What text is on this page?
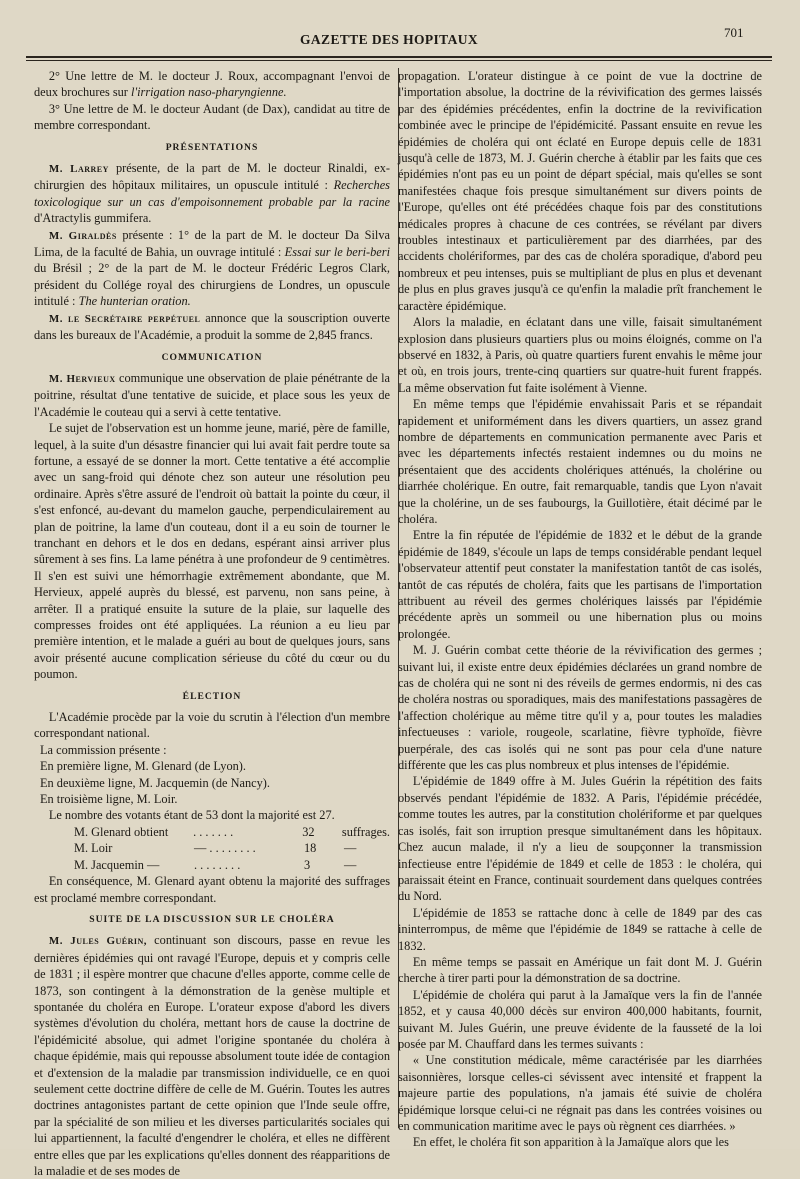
GAZETTE DES HOPITAUX	701

2° Une lettre de M. le docteur J. Roux, accompagnant l'envoi de deux brochures sur l'irrigation naso-pharyngienne.

3° Une lettre de M. le docteur Audant (de Dax), candidat au titre de membre correspondant.

PRÉSENTATIONS

M. Larrey présente, de la part de M. le docteur Rinaldi, ex-chirurgien des hôpitaux militaires, un opuscule intitulé : Recherches toxicologique sur un cas d'empoisonnement probable par la racine d'Atractylis gummifera.

M. Giraldès présente : 1° de la part de M. le docteur Da Silva Lima, de la faculté de Bahia, un ouvrage intitulé : Essai sur le beri-beri du Brésil ; 2° de la part de M. le docteur Frédéric Legros Clark, président du Collége royal des chirurgiens de Londres, un opuscule intitulé : The hunterian oration.

M. le Secrétaire perpétuel annonce que la souscription ouverte dans les bureaux de l'Académie, a produit la somme de 2,845 francs.

COMMUNICATION

M. Hervieux communique une observation de plaie pénétrante de la poitrine, résultat d'une tentative de suicide, et place sous les yeux de l'Académie le couteau qui a servi à cette tentative.

Le sujet de l'observation est un homme jeune, marié, père de famille, lequel, à la suite d'un désastre financier qui lui avait fait perdre toute sa fortune, a essayé de se donner la mort. Cette tentative a été accomplie avec un sang-froid qui dénote chez son auteur une résolution peu ordinaire. Après s'être assuré de l'endroit où battait la pointe du cœur, il s'est enfoncé, au-devant du mamelon gauche, perpendiculairement au plan de poitrine, la lame d'un couteau, dont il a eu soin de tourner le tranchant en dehors et le dos en dedans, espérant ainsi arriver plus sûrement à ses fins. La lame pénétra à une profondeur de 9 centimètres. Il s'en est suivi une hémorrhagie extrêmement abondante, que M. Hervieux, appelé auprès du blessé, est parvenu, non sans peine, à arrêter. Il a pratiqué ensuite la suture de la plaie, sur laquelle des compresses froides ont été appliquées. La réunion a eu lieu par première intention, et le malade a guéri au bout de quelques jours, sans avoir présenté aucune complication sérieuse du côté du cœur ou du poumon.

ÉLECTION

L'Académie procède par la voie du scrutin à l'élection d'un membre correspondant national.

La commission présente :

En première ligne, M. Glenard (de Lyon).

En deuxième ligne, M. Jacquemin (de Nancy).

En troisième ligne, M. Loir.

Le nombre des votants étant de 53 dont la majorité est 27.

M. Glenard obtient	. . . . . . .	32	suffrages.
M. Loir	— . . . . . . . .	18	—
M. Jacquemin —	. . . . . . . .	3	—

En conséquence, M. Glenard ayant obtenu la majorité des suffrages est proclamé membre correspondant.

SUITE DE LA DISCUSSION SUR LE CHOLÉRA

M. Jules Guérin, continuant son discours, passe en revue les dernières épidémies qui ont ravagé l'Europe, depuis et y compris celle de 1831 ; il espère montrer que chacune d'elles apporte, comme celle de 1873, son contingent à la démonstration de la genèse multiple et spontanée du choléra en Europe. L'orateur expose d'abord les divers systèmes d'évolution du choléra, mettant hors de cause la doctrine de l'épidémicité absolue, qui admet l'origine spontanée du choléra à chaque épidémie, mais qui repousse absolument toute idée de contagion et d'extension de la maladie par transmission individuelle, ce en quoi seulement cette doctrine diffère de celle de M. Guérin. Toutes les autres doctrines antagonistes partant de cette opinion que l'Inde seule offre, par la spécialité de son milieu et les diverses particularités sociales qui lui appartiennent, la faculté d'engendrer le choléra, et elles ne diffèrent entre elles que par les explications qu'elles donnent des réapparitions de la maladie et de ses modes de

propagation. L'orateur distingue à ce point de vue la doctrine de l'importation absolue, la doctrine de la révivification des germes laissés par des épidémies précédentes, enfin la doctrine de la revivification combinée avec le principe de l'épidémicité. Passant ensuite en revue les épidémies de choléra qui ont éclaté en Europe depuis celle de 1831 jusqu'à celle de 1873, M. J. Guérin cherche à établir par les faits que ces épidémies n'ont pas eu un point de départ spécial, mais qu'elles se sont manifestées chaque fois presque simultanément sur divers points de l'Europe, qu'elles ont été précédées chaque fois par des constitutions médicales propres à chacune de ces contrées, se révélant par divers troubles intestinaux et particulièrement par des diarrhées, par des accidents cholériformes, par des cas de choléra sporadique, d'abord peu nombreux et peu intenses, puis se multipliant de plus en plus et devenant de plus en plus graves jusqu'à ce qu'enfin la maladie prît franchement le caractère épidémique.

Alors la maladie, en éclatant dans une ville, faisait simultanément explosion dans plusieurs quartiers plus ou moins éloignés, comme on l'a observé en 1832, à Paris, où quatre quartiers furent envahis le même jour et où, en trois jours, trente-cinq quartiers sur quatre-huit furent frappés. La même observation fut faite isolément à Vienne.

En même temps que l'épidémie envahissait Paris et se répandait rapidement et uniformément dans les divers quartiers, un assez grand nombre de départements en communication permanente avec Paris et avec les départements infectés restaient indemnes ou du moins ne présentaient que des accidents cholériques atténués, la cholérine ou diarrhée cholérique. En outre, fait remarquable, tandis que Lyon n'avait que la cholérine, un de ses faubourgs, la Guillotière, était décimé par le choléra.

Entre la fin réputée de l'épidémie de 1832 et le début de la grande épidémie de 1849, s'écoule un laps de temps considérable pendant lequel l'observateur attentif peut constater la manifestation tantôt de cas isolés, tantôt de cas réputés de choléra, faits que les partisans de l'importation attribuent au réveil des germes cholériques laissés par l'épidémie précédente après un sommeil ou une hibernation plus ou moins prolongée.

M. J. Guérin combat cette théorie de la révivification des germes ; suivant lui, il existe entre deux épidémies déclarées un grand nombre de cas de choléra qui ne sont ni des réveils de germes endormis, ni des cas de choléra nostras ou sporadiques, mais des manifestations passagères de l'affection cholérique au même titre qu'il y a, pour toutes les maladies infectueuses : variole, rougeole, scarlatine, fièvre typhoïde, fièvre puerpérale, des cas isolés qui ne sont pas pour cela d'une nature différente que les cas plus nombreux et plus intenses de l'épidémie.

L'épidémie de 1849 offre à M. Jules Guérin la répétition des faits observés pendant l'épidémie de 1832. A Paris, l'épidémie précédée, comme toutes les autres, par la constitution cholériforme et par quelques cas isolés, fait son irruption presque simultanément dans les hôpitaux. Chez aucun malade, il n'y a lieu de soupçonner la transmission infectieuse entre l'épidémie de 1849 et celle de 1853 : le choléra, qui paraissait éteint en France, continuait sourdement dans quelques contrées du Nord.

L'épidémie de 1853 se rattache donc à celle de 1849 par des cas ininterrompus, de même que l'épidémie de 1849 se rattache à celle de 1832.

En même temps se passait en Amérique un fait dont M. J. Guérin cherche à tirer parti pour la démonstration de sa doctrine.

L'épidémie de choléra qui parut à la Jamaïque vers la fin de l'année 1852, et y causa 40,000 décès sur environ 400,000 habitants, fournit, suivant M. Jules Guérin, une preuve évidente de la fausseté de la loi posée par M. Chauffard dans les termes suivants :

« Une constitution médicale, même caractérisée par les diarrhées saisonnières, lorsque celles-ci sévissent avec intensité et frappent la majeure partie des populations, n'a jamais été suivie de choléra épidémique lorsque celui-ci ne régnait pas dans les contrées voisines ou en communication maritime avec le pays où règnent ces diarrhées. »

En effet, le choléra fit son apparition à la Jamaïque alors que les
